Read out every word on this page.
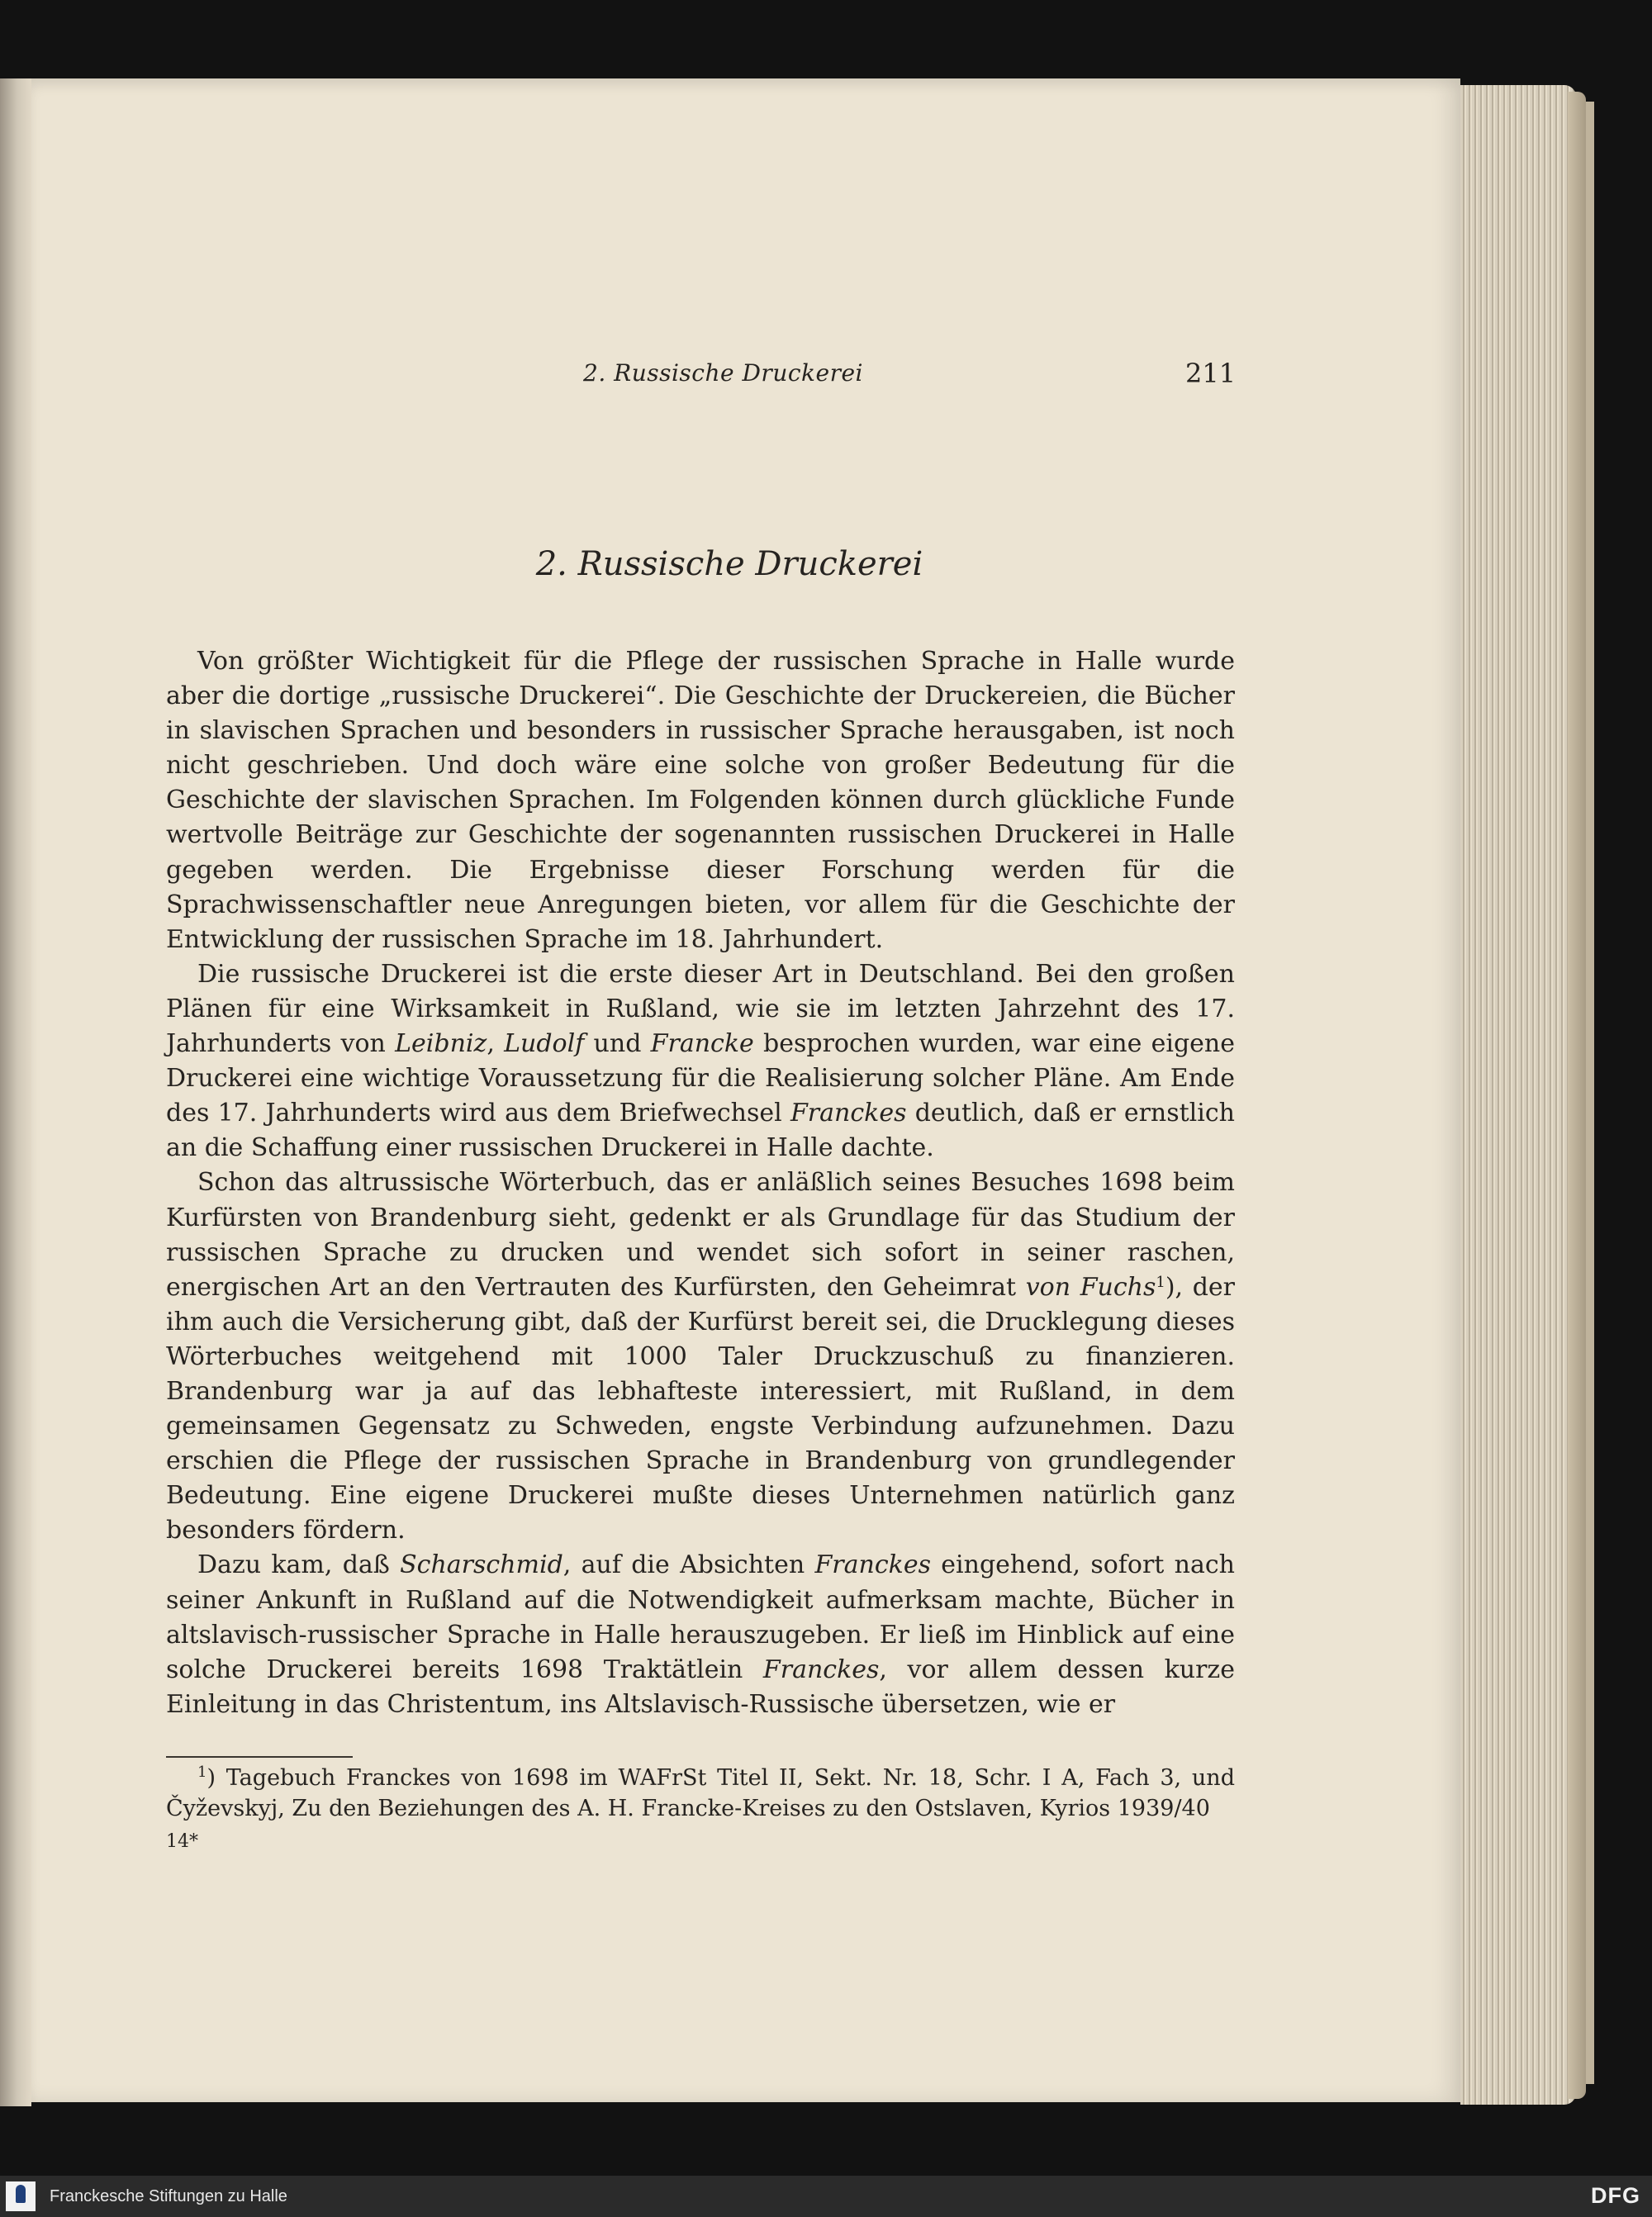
2. Russische Druckerei	211
2. Russische Druckerei

Von größter Wichtigkeit für die Pflege der russischen Sprache in Halle wurde aber die dortige „russische Druckerei“. Die Geschichte der Druckereien, die Bücher in slavischen Sprachen und besonders in russischer Sprache herausgaben, ist noch nicht geschrieben. Und doch wäre eine solche von großer Bedeutung für die Geschichte der slavischen Sprachen. Im Folgenden können durch glückliche Funde wertvolle Beiträge zur Geschichte der sogenannten russischen Druckerei in Halle gegeben werden. Die Ergebnisse dieser Forschung werden für die Sprachwissenschaftler neue Anregungen bieten, vor allem für die Geschichte der Entwicklung der russischen Sprache im 18. Jahrhundert.

Die russische Druckerei ist die erste dieser Art in Deutschland. Bei den großen Plänen für eine Wirksamkeit in Rußland, wie sie im letzten Jahrzehnt des 17. Jahrhunderts von Leibniz, Ludolf und Francke besprochen wurden, war eine eigene Druckerei eine wichtige Voraussetzung für die Realisierung solcher Pläne. Am Ende des 17. Jahrhunderts wird aus dem Briefwechsel Franckes deutlich, daß er ernstlich an die Schaffung einer russischen Druckerei in Halle dachte.

Schon das altrussische Wörterbuch, das er anläßlich seines Besuches 1698 beim Kurfürsten von Brandenburg sieht, gedenkt er als Grundlage für das Studium der russischen Sprache zu drucken und wendet sich sofort in seiner raschen, energischen Art an den Vertrauten des Kurfürsten, den Geheimrat von Fuchs$^1$), der ihm auch die Versicherung gibt, daß der Kurfürst bereit sei, die Drucklegung dieses Wörterbuches weitgehend mit 1000 Taler Druckzuschuß zu finanzieren. Brandenburg war ja auf das lebhafteste interessiert, mit Rußland, in dem gemeinsamen Gegensatz zu Schweden, engste Verbindung aufzunehmen. Dazu erschien die Pflege der russischen Sprache in Brandenburg von grundlegender Bedeutung. Eine eigene Druckerei mußte dieses Unternehmen natürlich ganz besonders fördern.

Dazu kam, daß Scharschmid, auf die Absichten Franckes eingehend, sofort nach seiner Ankunft in Rußland auf die Notwendigkeit aufmerksam machte, Bücher in altslavisch-russischer Sprache in Halle herauszugeben. Er ließ im Hinblick auf eine solche Druckerei bereits 1698 Traktätlein Franckes, vor allem dessen kurze Einleitung in das Christentum, ins Altslavisch-Russische übersetzen, wie er

$^1$) Tagebuch Franckes von 1698 im WAFrSt Titel II, Sekt. Nr. 18, Schr. I A, Fach 3, und Čyževskyj, Zu den Beziehungen des A. H. Francke-Kreises zu den Ostslaven, Kyrios 1939/40

14*

Franckesche Stiftungen zu Halle	DFG
